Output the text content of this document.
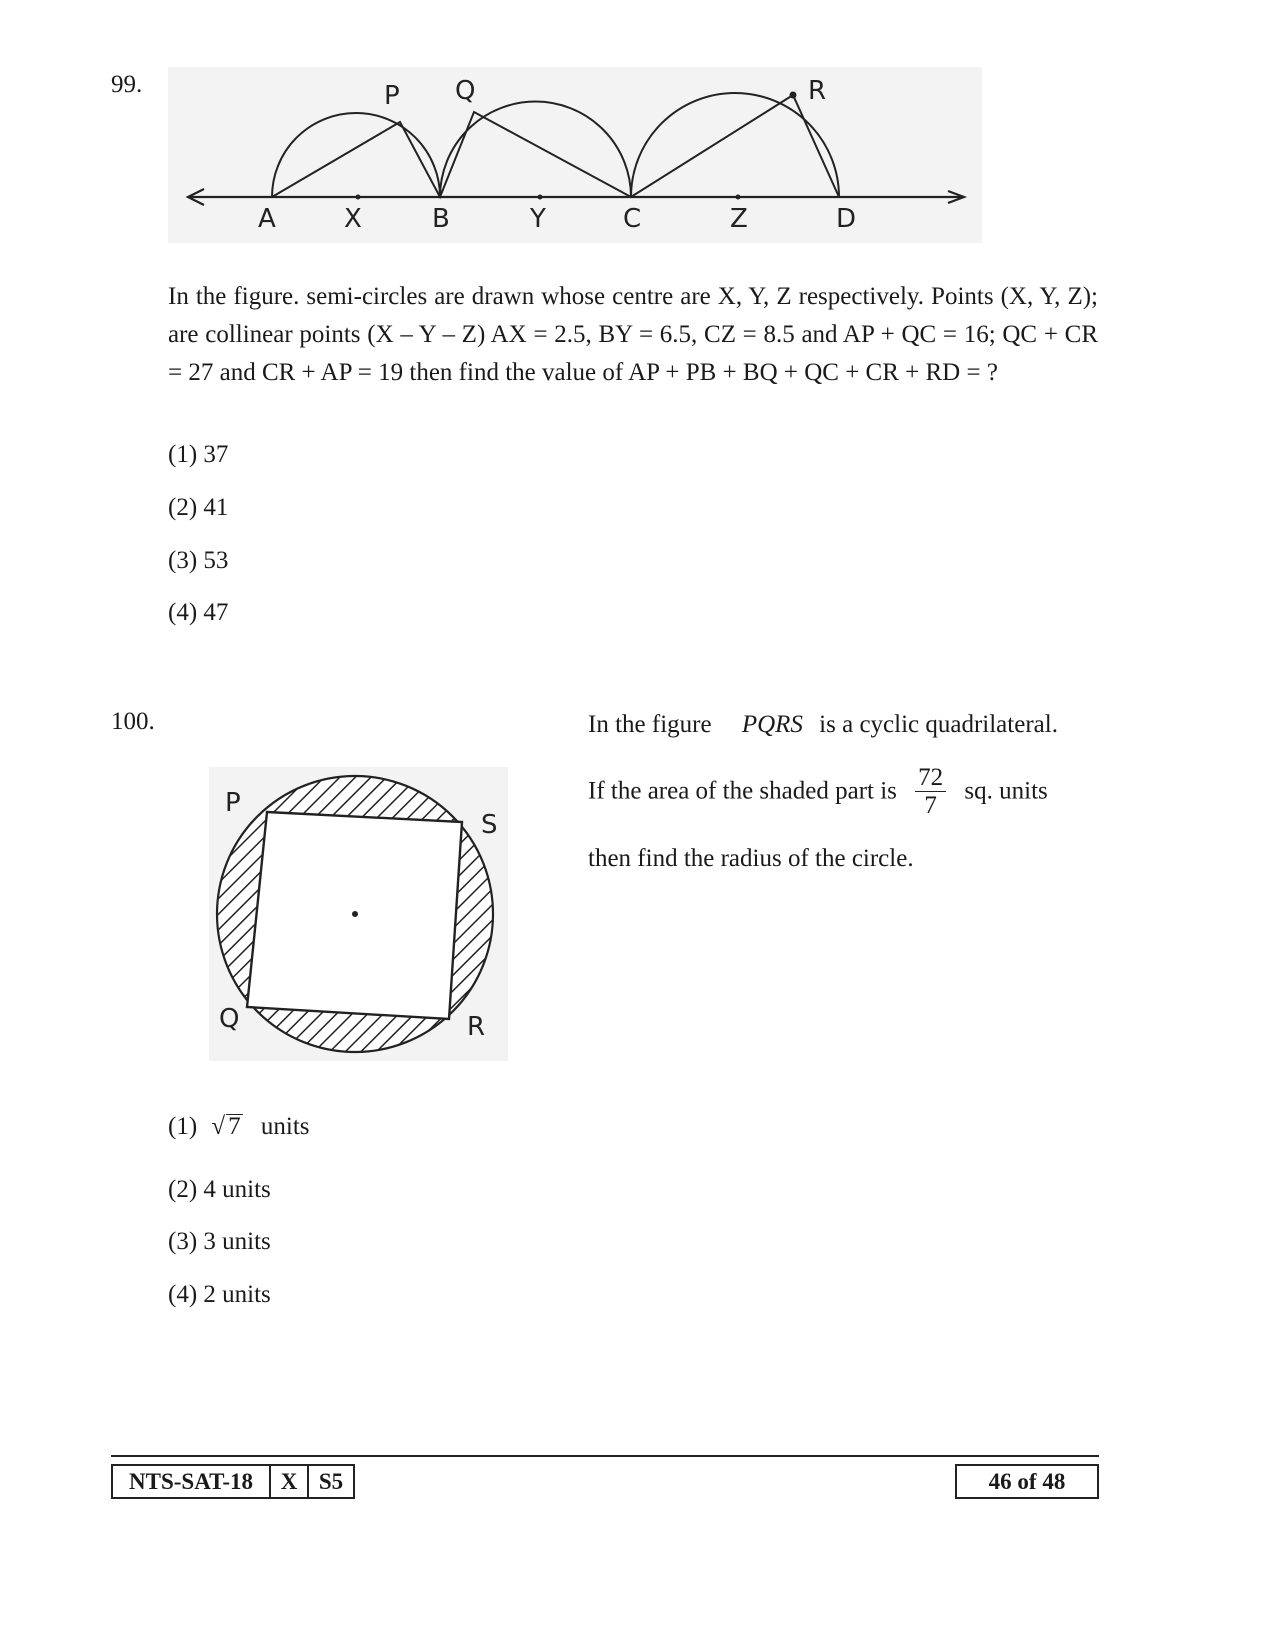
99.	P Q	R
A	X	B	Y	C	Z	D
In the figure. semi-circles are drawn whose centre are X, Y, Z respectively. Points (X, Y, Z); are collinear points (X – Y – Z) AX = 2.5, BY = 6.5, CZ = 8.5 and AP + QC = 16; QC + CR = 27 and CR + AP = 19 then find the value of AP + PB + BQ + QC + CR + RD = ?
(1) 37
(2) 41
(3) 53
(4) 47
100.	In the figure PQRS is a cyclic quadrilateral.
If the area of the shaded part is $\frac{72}{7}$ sq. units
then find the radius of the circle.
P
S
Q	R
(1) √ 7 units
(2) 4 units
(3) 3 units
(4) 2 units
NTS-SAT-18	X S5	46 of 48
